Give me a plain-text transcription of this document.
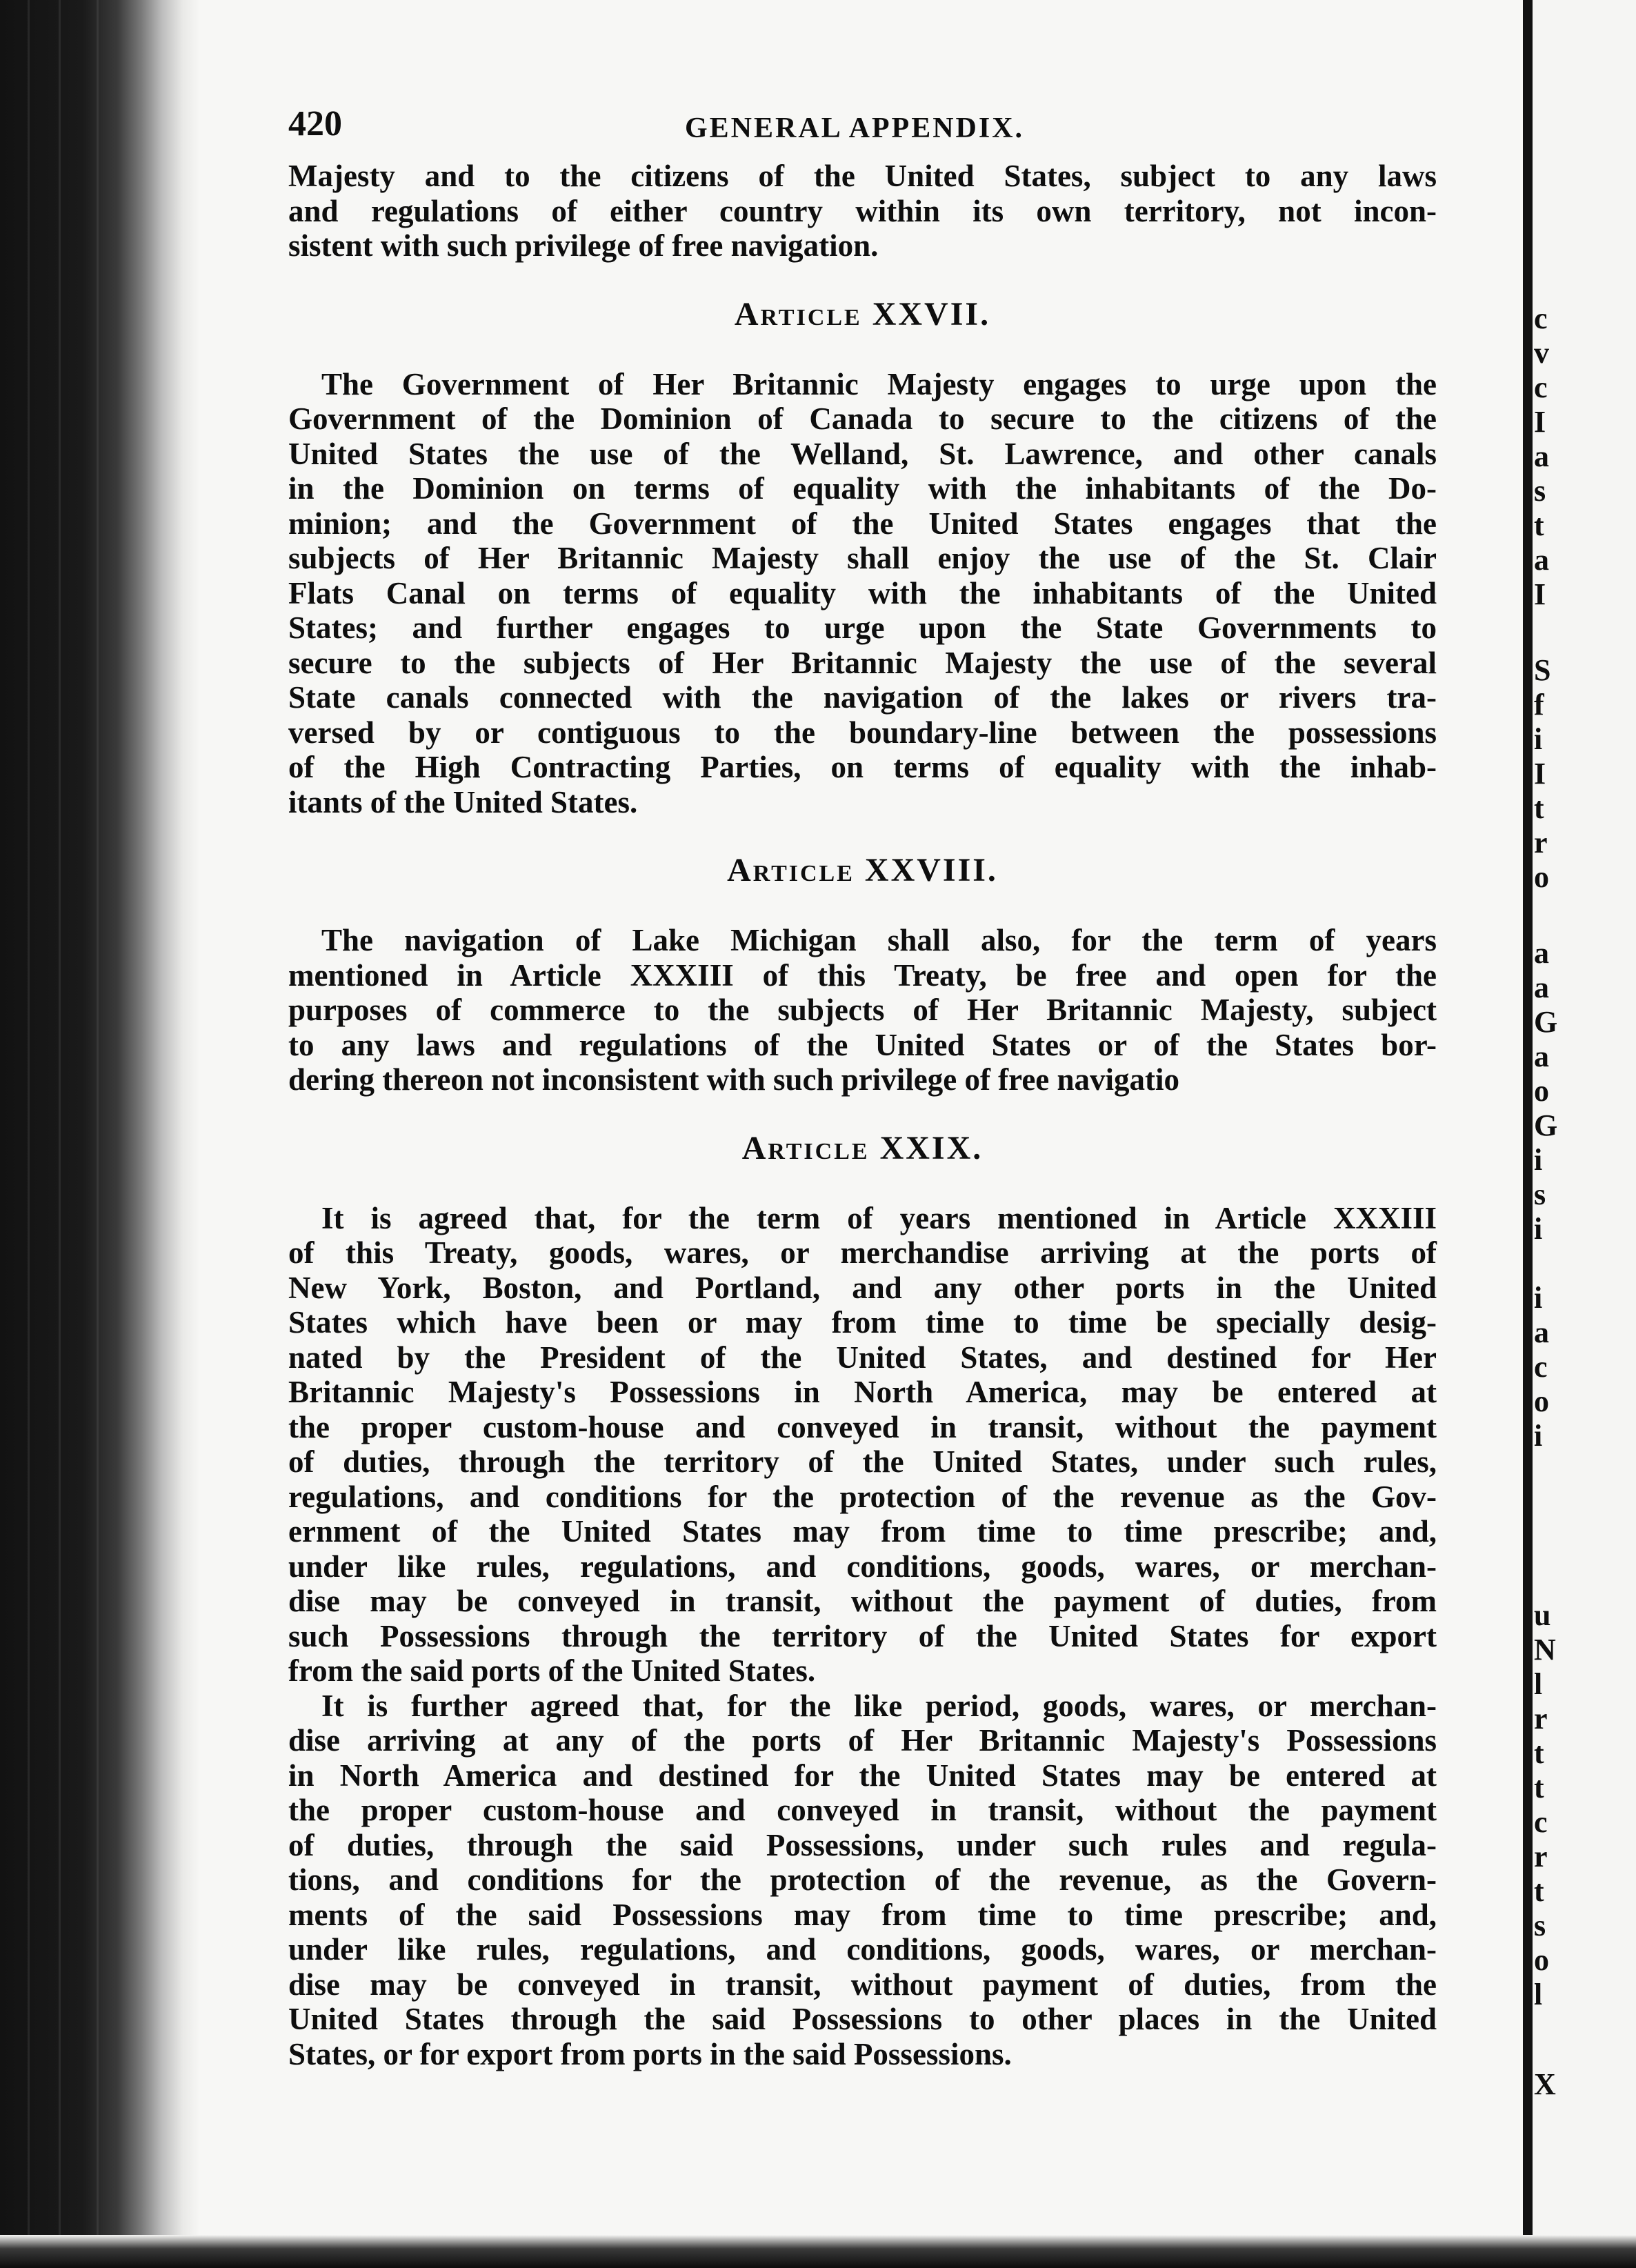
420	GENERAL APPENDIX.

Majesty and to the citizens of the United States, subject to any laws
and regulations of either country within its own territory, not incon-
sistent with such privilege of free navigation.

Article XXVII.

The Government of Her Britannic Majesty engages to urge upon the
Government of the Dominion of Canada to secure to the citizens of the
United States the use of the Welland, St. Lawrence, and other canals
in the Dominion on terms of equality with the inhabitants of the Do-
minion; and the Government of the United States engages that the
subjects of Her Britannic Majesty shall enjoy the use of the St. Clair
Flats Canal on terms of equality with the inhabitants of the United
States; and further engages to urge upon the State Governments to
secure to the subjects of Her Britannic Majesty the use of the several
State canals connected with the navigation of the lakes or rivers tra-
versed by or contiguous to the boundary-line between the possessions
of the High Contracting Parties, on terms of equality with the inhab-
itants of the United States.

Article XXVIII.

The navigation of Lake Michigan shall also, for the term of years
mentioned in Article XXXIII of this Treaty, be free and open for the
purposes of commerce to the subjects of Her Britannic Majesty, subject
to any laws and regulations of the United States or of the States bor-
dering thereon not inconsistent with such privilege of free navigatio

Article XXIX.

It is agreed that, for the term of years mentioned in Article XXXIII
of this Treaty, goods, wares, or merchandise arriving at the ports of
New York, Boston, and Portland, and any other ports in the United
States which have been or may from time to time be specially desig-
nated by the President of the United States, and destined for Her
Britannic Majesty's Possessions in North America, may be entered at
the proper custom-house and conveyed in transit, without the payment
of duties, through the territory of the United States, under such rules,
regulations, and conditions for the protection of the revenue as the Gov-
ernment of the United States may from time to time prescribe; and,
under like rules, regulations, and conditions, goods, wares, or merchan-
dise may be conveyed in transit, without the payment of duties, from
such Possessions through the territory of the United States for export
from the said ports of the United States.

It is further agreed that, for the like period, goods, wares, or merchan-
dise arriving at any of the ports of Her Britannic Majesty's Possessions
in North America and destined for the United States may be entered at
the proper custom-house and conveyed in transit, without the payment
of duties, through the said Possessions, under such rules and regula-
tions, and conditions for the protection of the revenue, as the Govern-
ments of the said Possessions may from time to time prescribe; and,
under like rules, regulations, and conditions, goods, wares, or merchan-
dise may be conveyed in transit, without payment of duties, from the
United States through the said Possessions to other places in the United
States, or for export from ports in the said Possessions.

c
v
c
I
a
s
t
a
I
S
f
i
I
t
r
o
a
a
G
a
o
G
i
s
i
i
a
c
o
i
u
N
l
r
t
t
c
r
t
s
o
l
X
